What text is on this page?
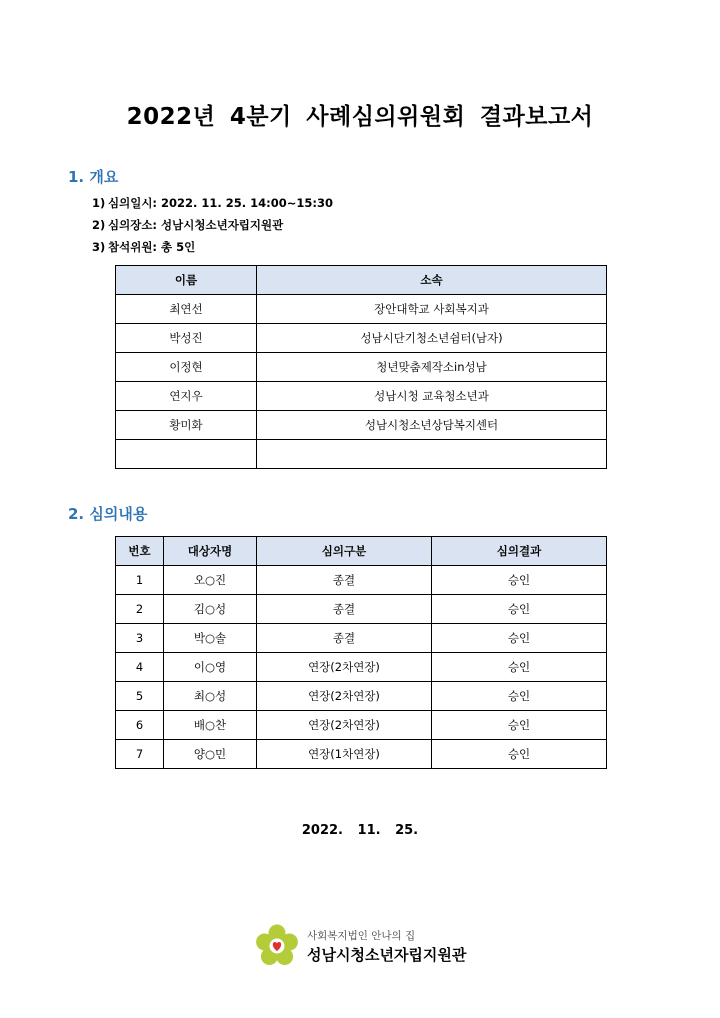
2022년 4분기 사례심의위원회 결과보고서
1. 개요
1) 심의일시: 2022. 11. 25. 14:00~15:30
2) 심의장소: 성남시청소년자립지원관
3) 참석위원: 총 5인
이름	소속
최연선	장안대학교 사회복지과
박성진	성남시단기청소년쉼터(남자)
이정현	청년맞춤제작소in성남
연지우	성남시청 교육청소년과
황미화	성남시청소년상담복지센터

2. 심의내용
번호	대상자명	심의구분	심의결과
1	오○진	종결	승인
2	김○성	종결	승인
3	박○솔	종결	승인
4	이○영	연장(2차연장)	승인
5	최○성	연장(2차연장)	승인
6	배○찬	연장(2차연장)	승인
7	양○민	연장(1차연장)	승인
2022. 11. 25.
사회복지법인 안나의 집
성남시청소년자립지원관
